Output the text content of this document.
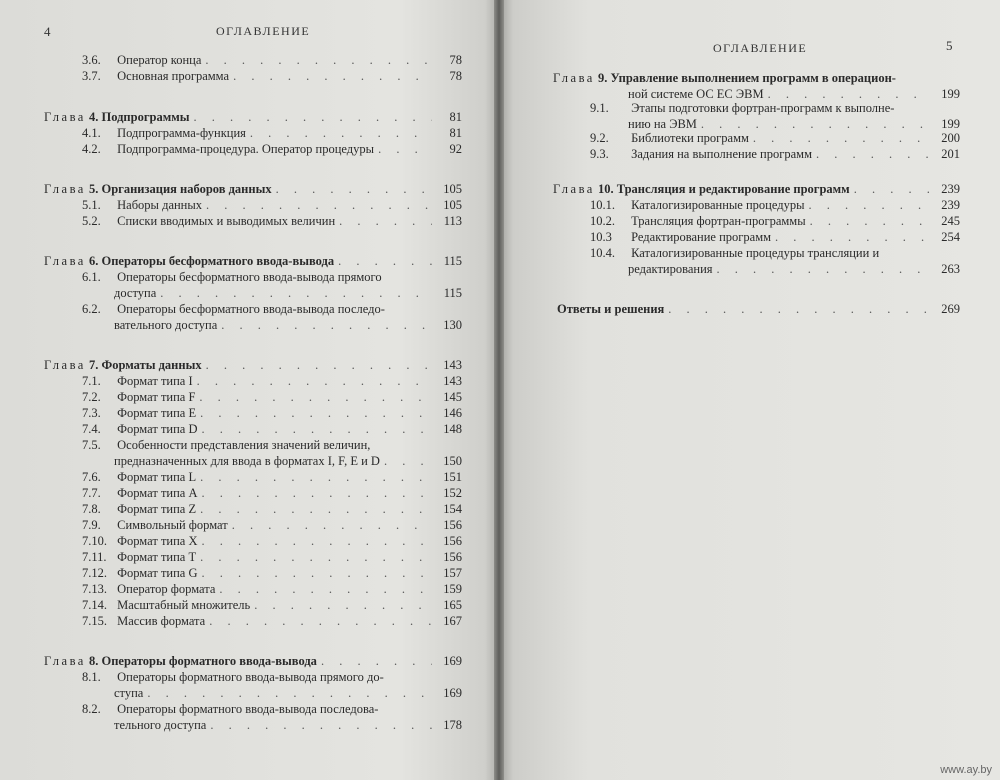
4	ОГЛАВЛЕНИЕ
3.6. Оператор конца . . .	78
3.7. Основная программа . . .	78
Глава 4. Подпрограммы . . .	81
4.1. Подпрограмма-функция . . .	81
4.2. Подпрограмма-процедура. Оператор процедуры . . .	92
Глава 5. Организация наборов данных . . .	105
5.1. Наборы данных . . .	105
5.2. Списки вводимых и выводимых величин . . .	113
Глава 6. Операторы бесформатного ввода-вывода . . .	115
6.1. Операторы бесформатного ввода-вывода прямого
доступа . . .	115
6.2. Операторы бесформатного ввода-вывода последо-
вательного доступа . . .	130
Глава 7. Форматы данных . . .	143
7.1. Формат типа I . . .	143
7.2. Формат типа F . . .	145
7.3. Формат типа E . . .	146
7.4. Формат типа D . . .	148
7.5. Особенности представления значений величин,
предназначенных для ввода в форматах I, F, E и D . . .	150
7.6. Формат типа L . . .	151
7.7. Формат типа A . . .	152
7.8. Формат типа Z . . .	154
7.9. Символьный формат . . .	156
7.10. Формат типа X . . .	156
7.11. Формат типа T . . .	156
7.12. Формат типа G . . .	157
7.13. Оператор формата . . .	159
7.14. Масштабный множитель . . .	165
7.15. Массив формата . . .	167
Глава 8. Операторы форматного ввода-вывода . . .	169
8.1. Операторы форматного ввода-вывода прямого до-
ступа . . .	169
8.2. Операторы форматного ввода-вывода последова-
тельного доступа . . .	178
ОГЛАВЛЕНИЕ	5
Глава 9. Управление выполнением программ в операцион-
ной системе ОС ЕС ЭВМ . . .	199
9.1. Этапы подготовки фортран-программ к выполне-
нию на ЭВМ . . .	199
9.2. Библиотеки программ . . .	200
9.3. Задания на выполнение программ . . .	201
Глава 10. Трансляция и редактирование программ . . .	239
10.1. Каталогизированные процедуры . . .	239
10.2. Трансляция фортран-программы . . .	245
10.3 Редактирование программ . . .	254
10.4. Каталогизированные процедуры трансляции и
редактирования . . .	263
Ответы и решения . . .	269
www.ay.by
